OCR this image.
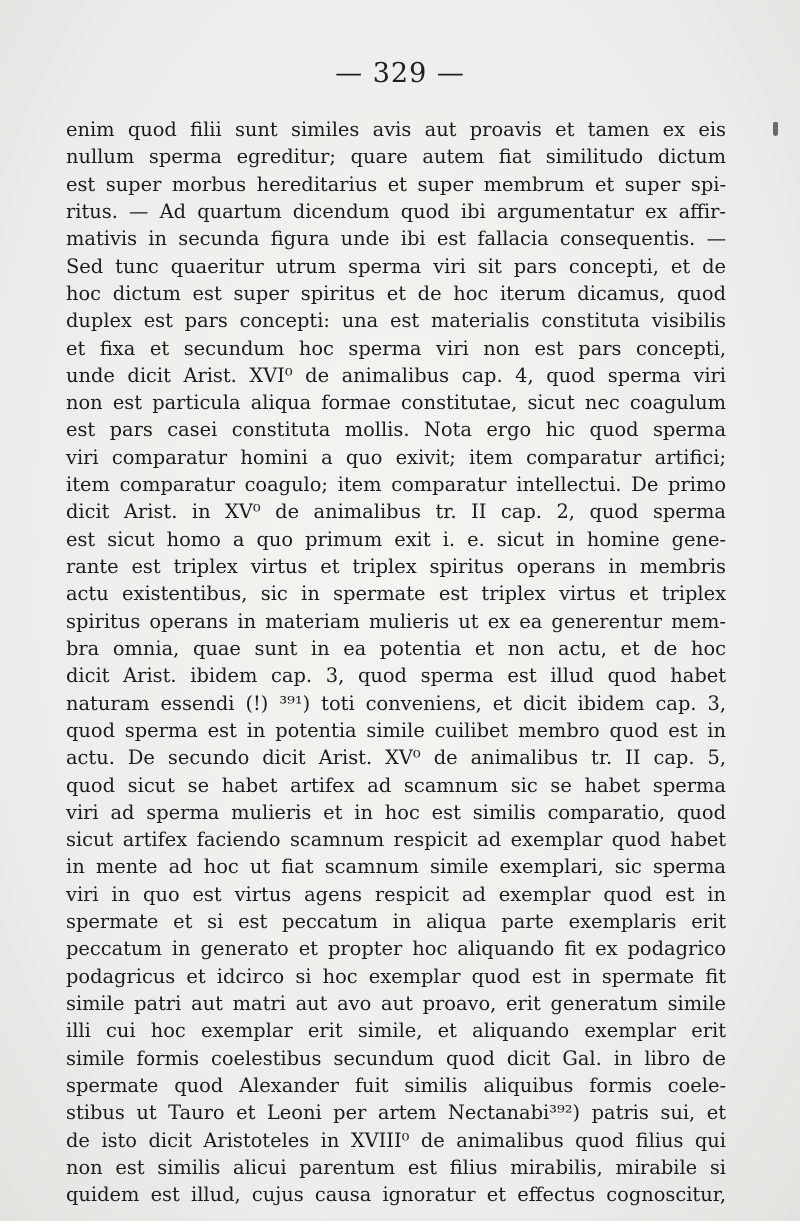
— 329 —
enim quod filii sunt similes avis aut proavis et tamen ex eis
nullum sperma egreditur; quare autem fiat similitudo dictum
est super morbus hereditarius et super membrum et super spi-
ritus. — Ad quartum dicendum quod ibi argumentatur ex affir-
mativis in secunda figura unde ibi est fallacia consequentis. —
Sed tunc quaeritur utrum sperma viri sit pars concepti, et de
hoc dictum est super spiritus et de hoc iterum dicamus, quod
duplex est pars concepti: una est materialis constituta visibilis
et fixa et secundum hoc sperma viri non est pars concepti,
unde dicit Arist. XVI⁰ de animalibus cap. 4, quod sperma viri
non est particula aliqua formae constitutae, sicut nec coagulum
est pars casei constituta mollis. Nota ergo hic quod sperma
viri comparatur homini a quo exivit; item comparatur artifici;
item comparatur coagulo; item comparatur intellectui. De primo
dicit Arist. in XV⁰ de animalibus tr. II cap. 2, quod sperma
est sicut homo a quo primum exit i. e. sicut in homine gene-
rante est triplex virtus et triplex spiritus operans in membris
actu existentibus, sic in spermate est triplex virtus et triplex
spiritus operans in materiam mulieris ut ex ea generentur mem-
bra omnia, quae sunt in ea potentia et non actu, et de hoc
dicit Arist. ibidem cap. 3, quod sperma est illud quod habet
naturam essendi (!) ³⁹¹) toti conveniens, et dicit ibidem cap. 3,
quod sperma est in potentia simile cuilibet membro quod est in
actu. De secundo dicit Arist. XV⁰ de animalibus tr. II cap. 5,
quod sicut se habet artifex ad scamnum sic se habet sperma
viri ad sperma mulieris et in hoc est similis comparatio, quod
sicut artifex faciendo scamnum respicit ad exemplar quod habet
in mente ad hoc ut fiat scamnum simile exemplari, sic sperma
viri in quo est virtus agens respicit ad exemplar quod est in
spermate et si est peccatum in aliqua parte exemplaris erit
peccatum in generato et propter hoc aliquando fit ex podagrico
podagricus et idcirco si hoc exemplar quod est in spermate fit
simile patri aut matri aut avo aut proavo, erit generatum simile
illi cui hoc exemplar erit simile, et aliquando exemplar erit
simile formis coelestibus secundum quod dicit Gal. in libro de
spermate quod Alexander fuit similis aliquibus formis coele-
stibus ut Tauro et Leoni per artem Nectanabi³⁹²) patris sui, et
de isto dicit Aristoteles in XVIII⁰ de animalibus quod filius qui
non est similis alicui parentum est filius mirabilis, mirabile si
quidem est illud, cujus causa ignoratur et effectus cognoscitur,
